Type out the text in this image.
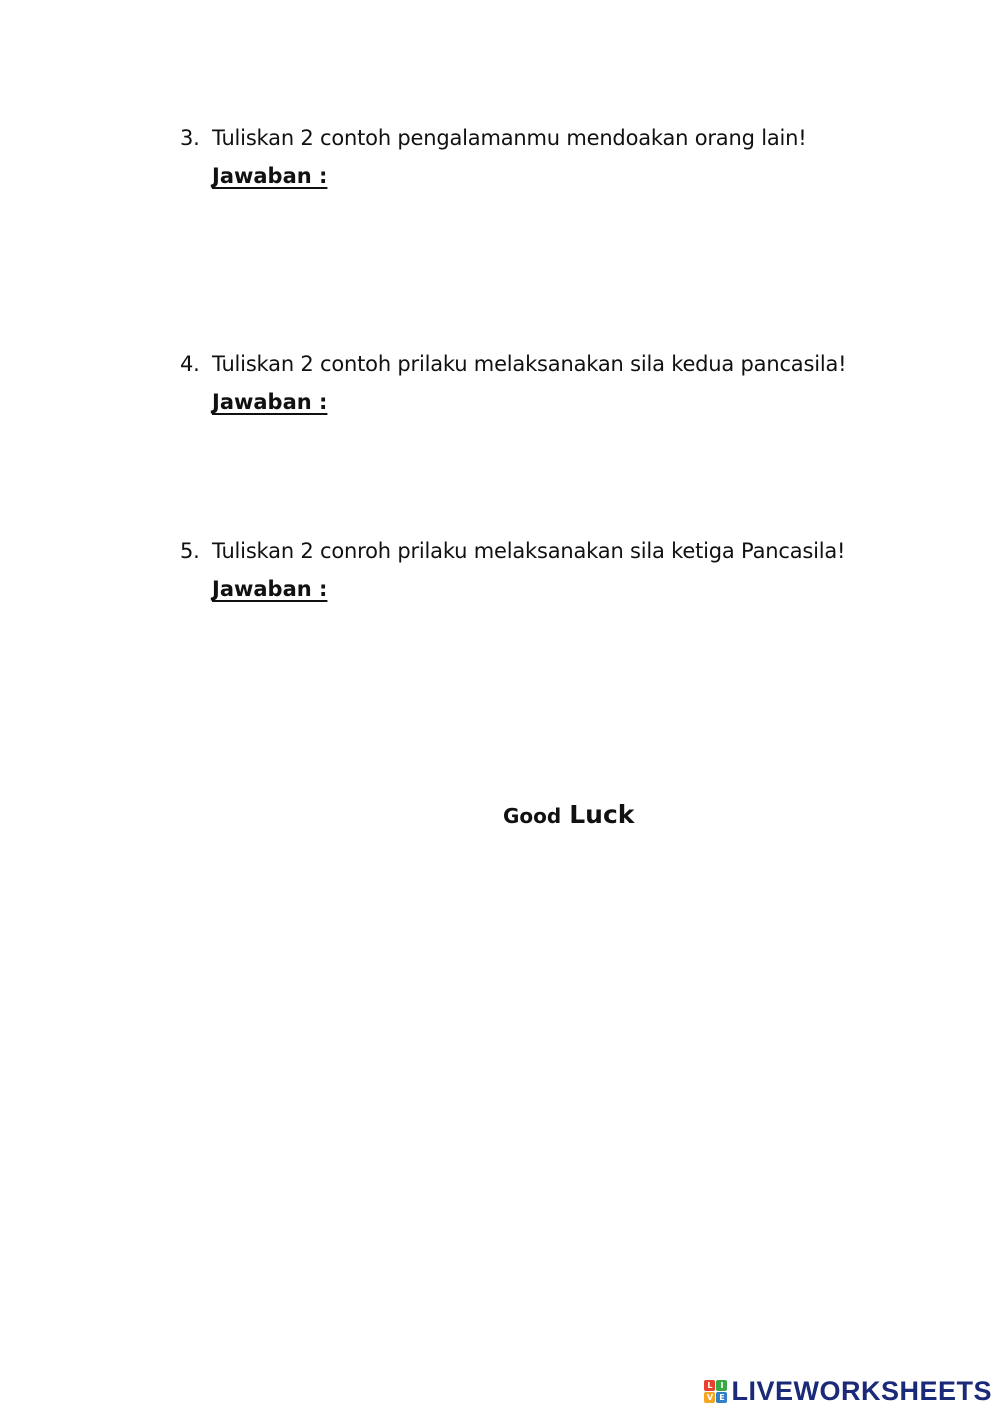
3. Tuliskan 2 contoh pengalamanmu mendoakan orang lain!
Jawaban :
4. Tuliskan 2 contoh prilaku melaksanakan sila kedua pancasila!
Jawaban :
5. Tuliskan 2 conroh prilaku melaksanakan sila ketiga Pancasila!
Jawaban :
Good Luck
L I
V E LIVEWORKSHEETS
